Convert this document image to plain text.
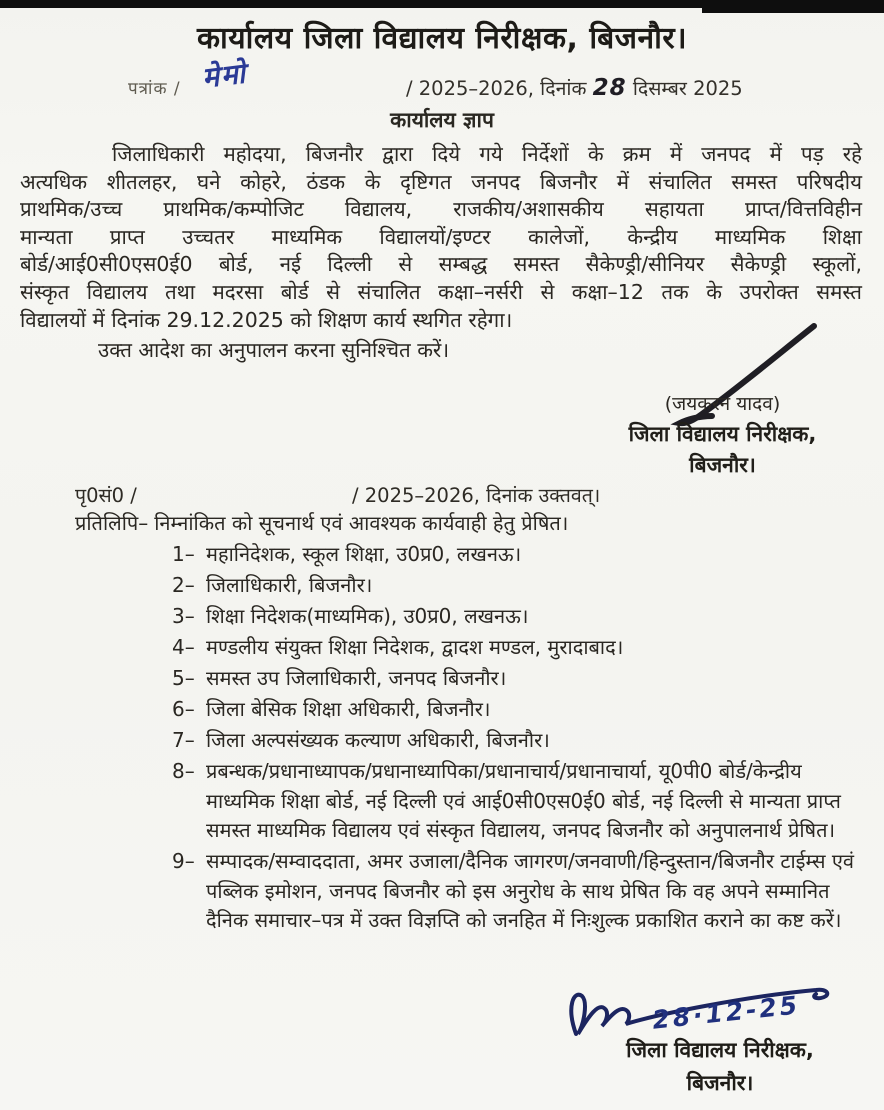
कार्यालय जिला विद्यालय निरीक्षक, बिजनौर।
पत्रांक / मेमो	/ 2025–2026, दिनांक 28 दिसम्बर 2025
कार्यालय ज्ञाप
जिलाधिकारी महोदया, बिजनौर द्वारा दिये गये निर्देशों के क्रम में जनपद में पड़ रहे
अत्यधिक शीतलहर, घने कोहरे, ठंडक के दृष्टिगत जनपद बिजनौर में संचालित समस्त परिषदीय
प्राथमिक/उच्च प्राथमिक/कम्पोजिट विद्यालय, राजकीय/अशासकीय सहायता प्राप्त/वित्तविहीन
मान्यता प्राप्त उच्चतर माध्यमिक विद्यालयों/इण्टर कालेजों, केन्द्रीय माध्यमिक शिक्षा
बोर्ड/आई0सी0एस0ई0 बोर्ड, नई दिल्ली से सम्बद्ध समस्त सैकेण्ड्री/सीनियर सैकेण्ड्री स्कूलों,
संस्कृत विद्यालय तथा मदरसा बोर्ड से संचालित कक्षा–नर्सरी से कक्षा–12 तक के उपरोक्त समस्त
विद्यालयों में दिनांक 29.12.2025 को शिक्षण कार्य स्थगित रहेगा।
उक्त आदेश का अनुपालन करना सुनिश्चित करें।
(जयकरन यादव)
जिला विद्यालय निरीक्षक,
बिजनौर।
पृ0सं0 /	/ 2025–2026, दिनांक उक्तवत्।
प्रतिलिपि– निम्नांकित को सूचनार्थ एवं आवश्यक कार्यवाही हेतु प्रेषित।
1– महानिदेशक, स्कूल शिक्षा, उ0प्र0, लखनऊ।
2– जिलाधिकारी, बिजनौर।
3– शिक्षा निदेशक(माध्यमिक), उ0प्र0, लखनऊ।
4– मण्डलीय संयुक्त शिक्षा निदेशक, द्वादश मण्डल, मुरादाबाद।
5– समस्त उप जिलाधिकारी, जनपद बिजनौर।
6– जिला बेसिक शिक्षा अधिकारी, बिजनौर।
7– जिला अल्पसंख्यक कल्याण अधिकारी, बिजनौर।
8– प्रबन्धक/प्रधानाध्यापक/प्रधानाध्यापिका/प्रधानाचार्य/प्रधानाचार्या, यू0पी0 बोर्ड/केन्द्रीय माध्यमिक शिक्षा बोर्ड, नई दिल्ली एवं आई0सी0एस0ई0 बोर्ड, नई दिल्ली से मान्यता प्राप्त समस्त माध्यमिक विद्यालय एवं संस्कृत विद्यालय, जनपद बिजनौर को अनुपालनार्थ प्रेषित।
9– सम्पादक/सम्वाददाता, अमर उजाला/दैनिक जागरण/जनवाणी/हिन्दुस्तान/बिजनौर टाईम्स एवं पब्लिक इमोशन, जनपद बिजनौर को इस अनुरोध के साथ प्रेषित कि वह अपने सम्मानित दैनिक समाचार–पत्र में उक्त विज्ञप्ति को जनहित में निःशुल्क प्रकाशित कराने का कष्ट करें।
28·12-25
जिला विद्यालय निरीक्षक,
बिजनौर।
